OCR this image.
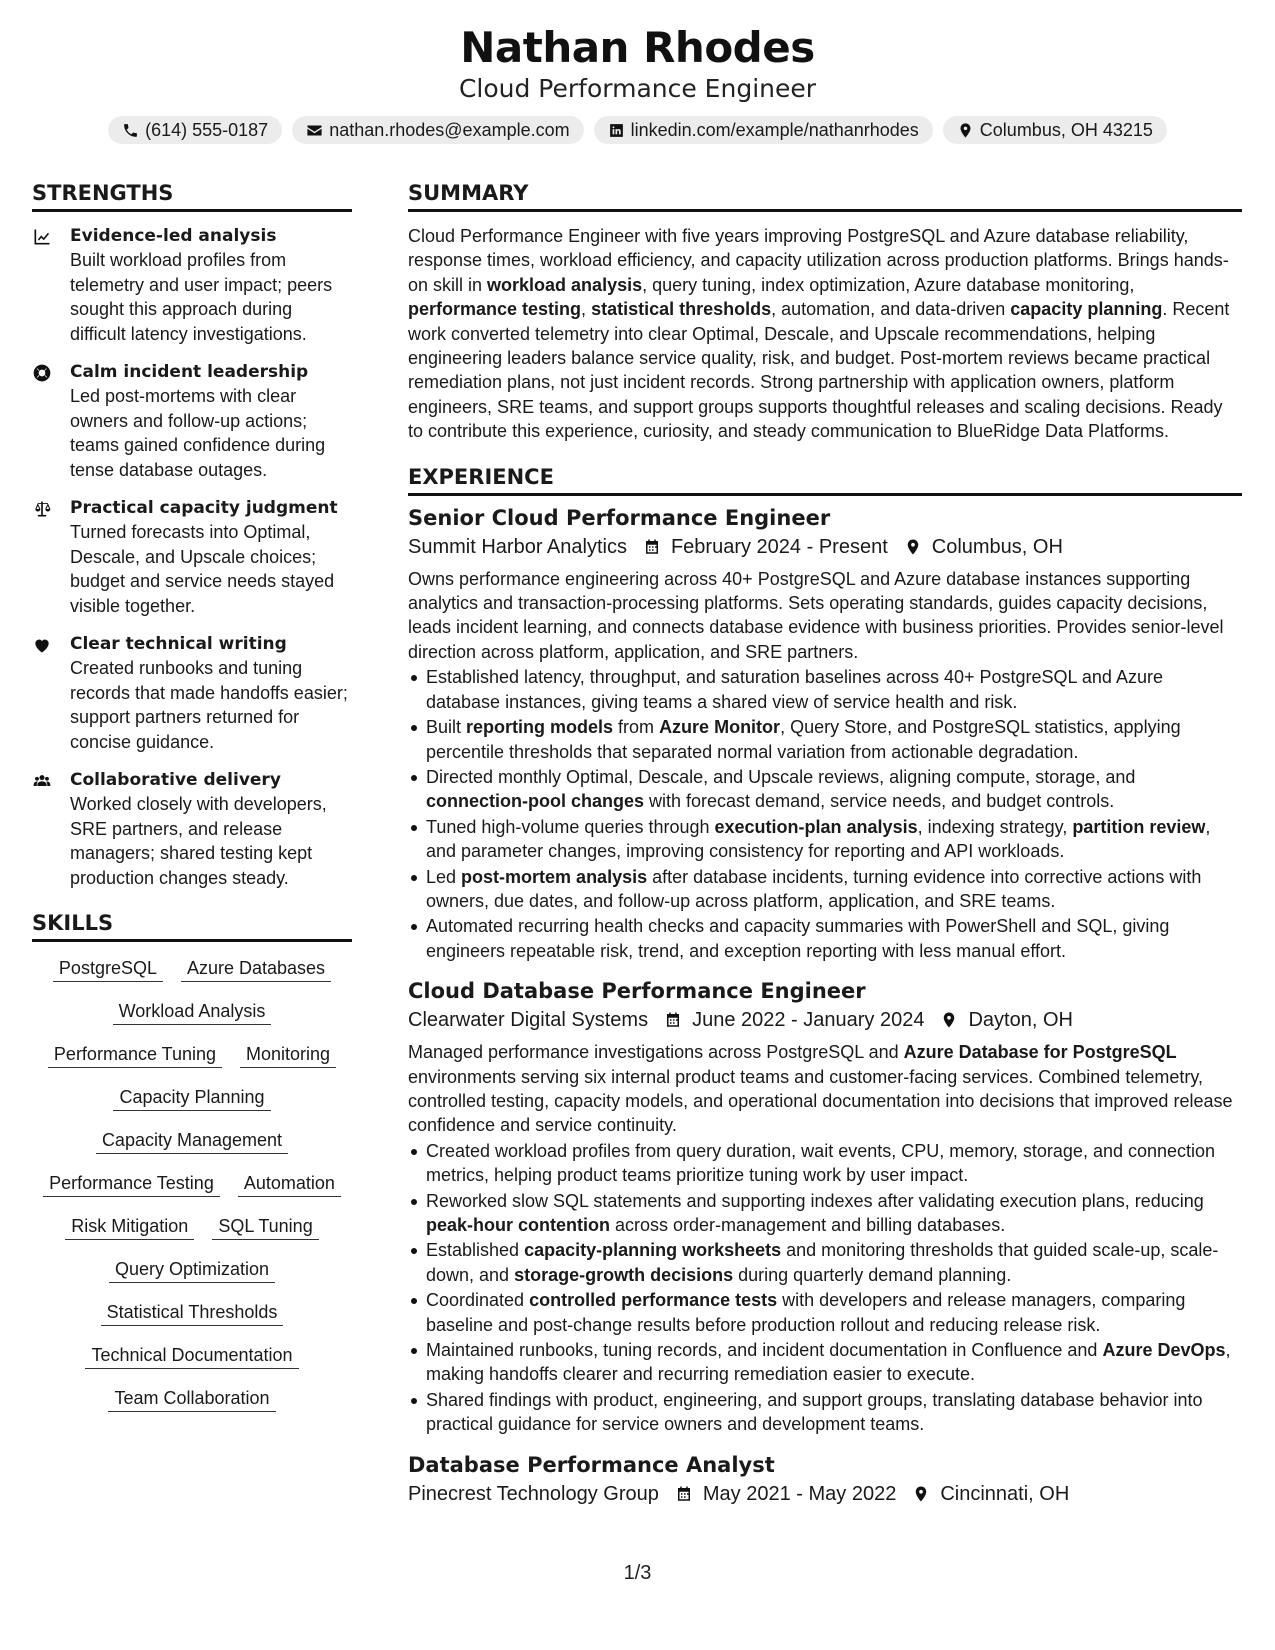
Nathan Rhodes
Cloud Performance Engineer
(614) 555-0187	nathan.rhodes@example.com	linkedin.com/example/nathanrhodes	Columbus, OH 43215
STRENGTHS
Evidence-led analysis
Built workload profiles from telemetry and user impact; peers sought this approach during difficult latency investigations.
Calm incident leadership
Led post-mortems with clear owners and follow-up actions; teams gained confidence during tense database outages.
Practical capacity judgment
Turned forecasts into Optimal, Descale, and Upscale choices; budget and service needs stayed visible together.
Clear technical writing
Created runbooks and tuning records that made handoffs easier; support partners returned for concise guidance.
Collaborative delivery
Worked closely with developers, SRE partners, and release managers; shared testing kept production changes steady.
SKILLS
PostgreSQL	Azure Databases
Workload Analysis
Performance Tuning	Monitoring
Capacity Planning
Capacity Management
Performance Testing	Automation
Risk Mitigation	SQL Tuning
Query Optimization
Statistical Thresholds
Technical Documentation
Team Collaboration
SUMMARY
Cloud Performance Engineer with five years improving PostgreSQL and Azure database reliability, response times, workload efficiency, and capacity utilization across production platforms. Brings hands-on skill in workload analysis, query tuning, index optimization, Azure database monitoring, performance testing, statistical thresholds, automation, and data-driven capacity planning. Recent work converted telemetry into clear Optimal, Descale, and Upscale recommendations, helping engineering leaders balance service quality, risk, and budget. Post-mortem reviews became practical remediation plans, not just incident records. Strong partnership with application owners, platform engineers, SRE teams, and support groups supports thoughtful releases and scaling decisions. Ready to contribute this experience, curiosity, and steady communication to BlueRidge Data Platforms.
EXPERIENCE
Senior Cloud Performance Engineer
Summit Harbor Analytics February 2024 - Present Columbus, OH
Owns performance engineering across 40+ PostgreSQL and Azure database instances supporting analytics and transaction-processing platforms. Sets operating standards, guides capacity decisions, leads incident learning, and connects database evidence with business priorities. Provides senior-level direction across platform, application, and SRE partners.
Established latency, throughput, and saturation baselines across 40+ PostgreSQL and Azure database instances, giving teams a shared view of service health and risk.
Built reporting models from Azure Monitor, Query Store, and PostgreSQL statistics, applying percentile thresholds that separated normal variation from actionable degradation.
Directed monthly Optimal, Descale, and Upscale reviews, aligning compute, storage, and connection-pool changes with forecast demand, service needs, and budget controls.
Tuned high-volume queries through execution-plan analysis, indexing strategy, partition review, and parameter changes, improving consistency for reporting and API workloads.
Led post-mortem analysis after database incidents, turning evidence into corrective actions with owners, due dates, and follow-up across platform, application, and SRE teams.
Automated recurring health checks and capacity summaries with PowerShell and SQL, giving engineers repeatable risk, trend, and exception reporting with less manual effort.
Cloud Database Performance Engineer
Clearwater Digital Systems June 2022 - January 2024 Dayton, OH
Managed performance investigations across PostgreSQL and Azure Database for PostgreSQL environments serving six internal product teams and customer-facing services. Combined telemetry, controlled testing, capacity models, and operational documentation into decisions that improved release confidence and service continuity.
Created workload profiles from query duration, wait events, CPU, memory, storage, and connection metrics, helping product teams prioritize tuning work by user impact.
Reworked slow SQL statements and supporting indexes after validating execution plans, reducing peak-hour contention across order-management and billing databases.
Established capacity-planning worksheets and monitoring thresholds that guided scale-up, scale-down, and storage-growth decisions during quarterly demand planning.
Coordinated controlled performance tests with developers and release managers, comparing baseline and post-change results before production rollout and reducing release risk.
Maintained runbooks, tuning records, and incident documentation in Confluence and Azure DevOps, making handoffs clearer and recurring remediation easier to execute.
Shared findings with product, engineering, and support groups, translating database behavior into practical guidance for service owners and development teams.
Database Performance Analyst
Pinecrest Technology Group May 2021 - May 2022 Cincinnati, OH
1/3
